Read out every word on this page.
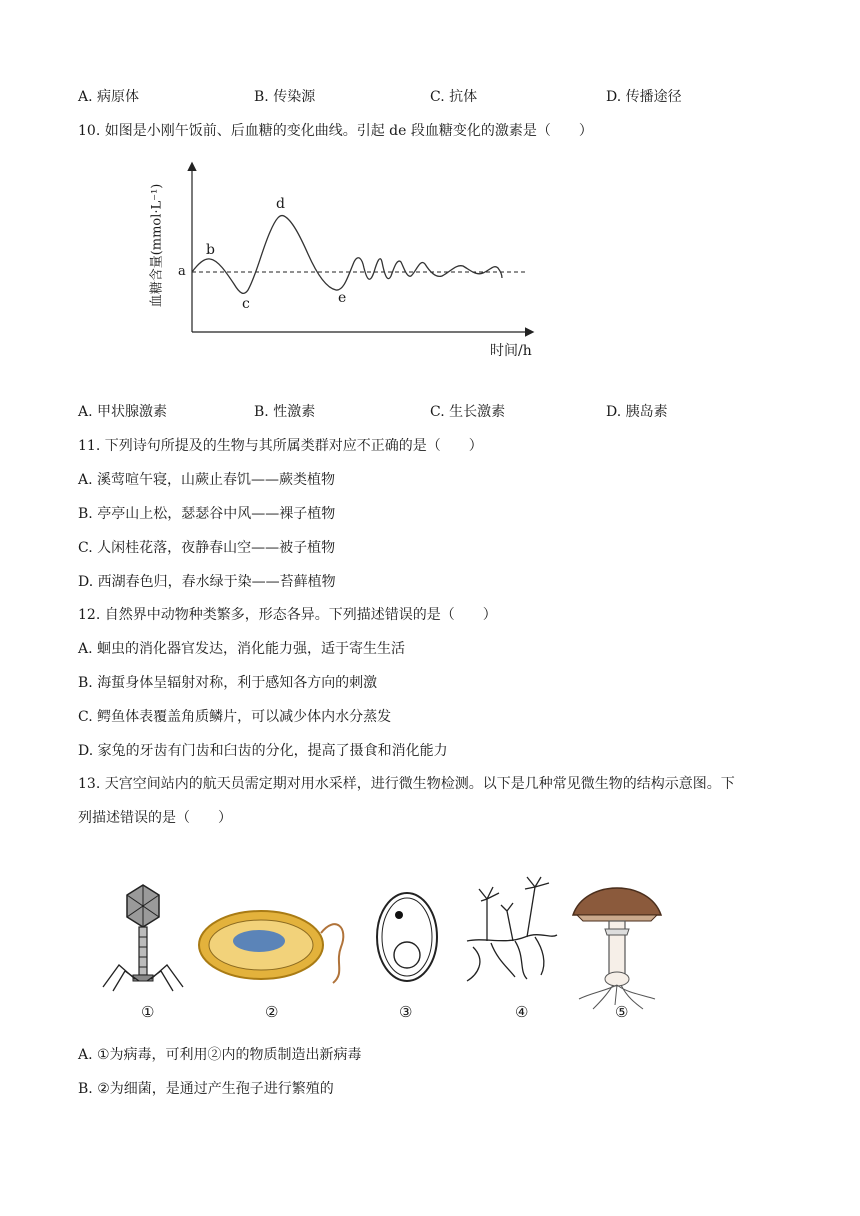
A. 病原体	B. 传染源	C. 抗体	D. 传播途径
10. 如图是小刚午饭前、后血糖的变化曲线。引起 de 段血糖变化的激素是（　　）
a
b
c
d
e
血糖含量(mmol·L⁻¹)
时间/h
A. 甲状腺激素	B. 性激素	C. 生长激素	D. 胰岛素
11. 下列诗句所提及的生物与其所属类群对应不正确的是（　　）
A. 溪莺喧午寝，山蕨止春饥——蕨类植物
B. 亭亭山上松，瑟瑟谷中风——裸子植物
C. 人闲桂花落，夜静春山空——被子植物
D. 西湖春色归，春水绿于染——苔藓植物
12. 自然界中动物种类繁多，形态各异。下列描述错误的是（　　）
A. 蛔虫的消化器官发达，消化能力强，适于寄生生活
B. 海蜇身体呈辐射对称，利于感知各方向的刺激
C. 鳄鱼体表覆盖角质鳞片，可以减少体内水分蒸发
D. 家兔的牙齿有门齿和臼齿的分化，提高了摄食和消化能力
13. 天宫空间站内的航天员需定期对用水采样，进行微生物检测。以下是几种常见微生物的结构示意图。下
列描述错误的是（　　）
①	②	③	④	⑤
A. ①为病毒，可利用②内的物质制造出新病毒
B. ②为细菌，是通过产生孢子进行繁殖的
